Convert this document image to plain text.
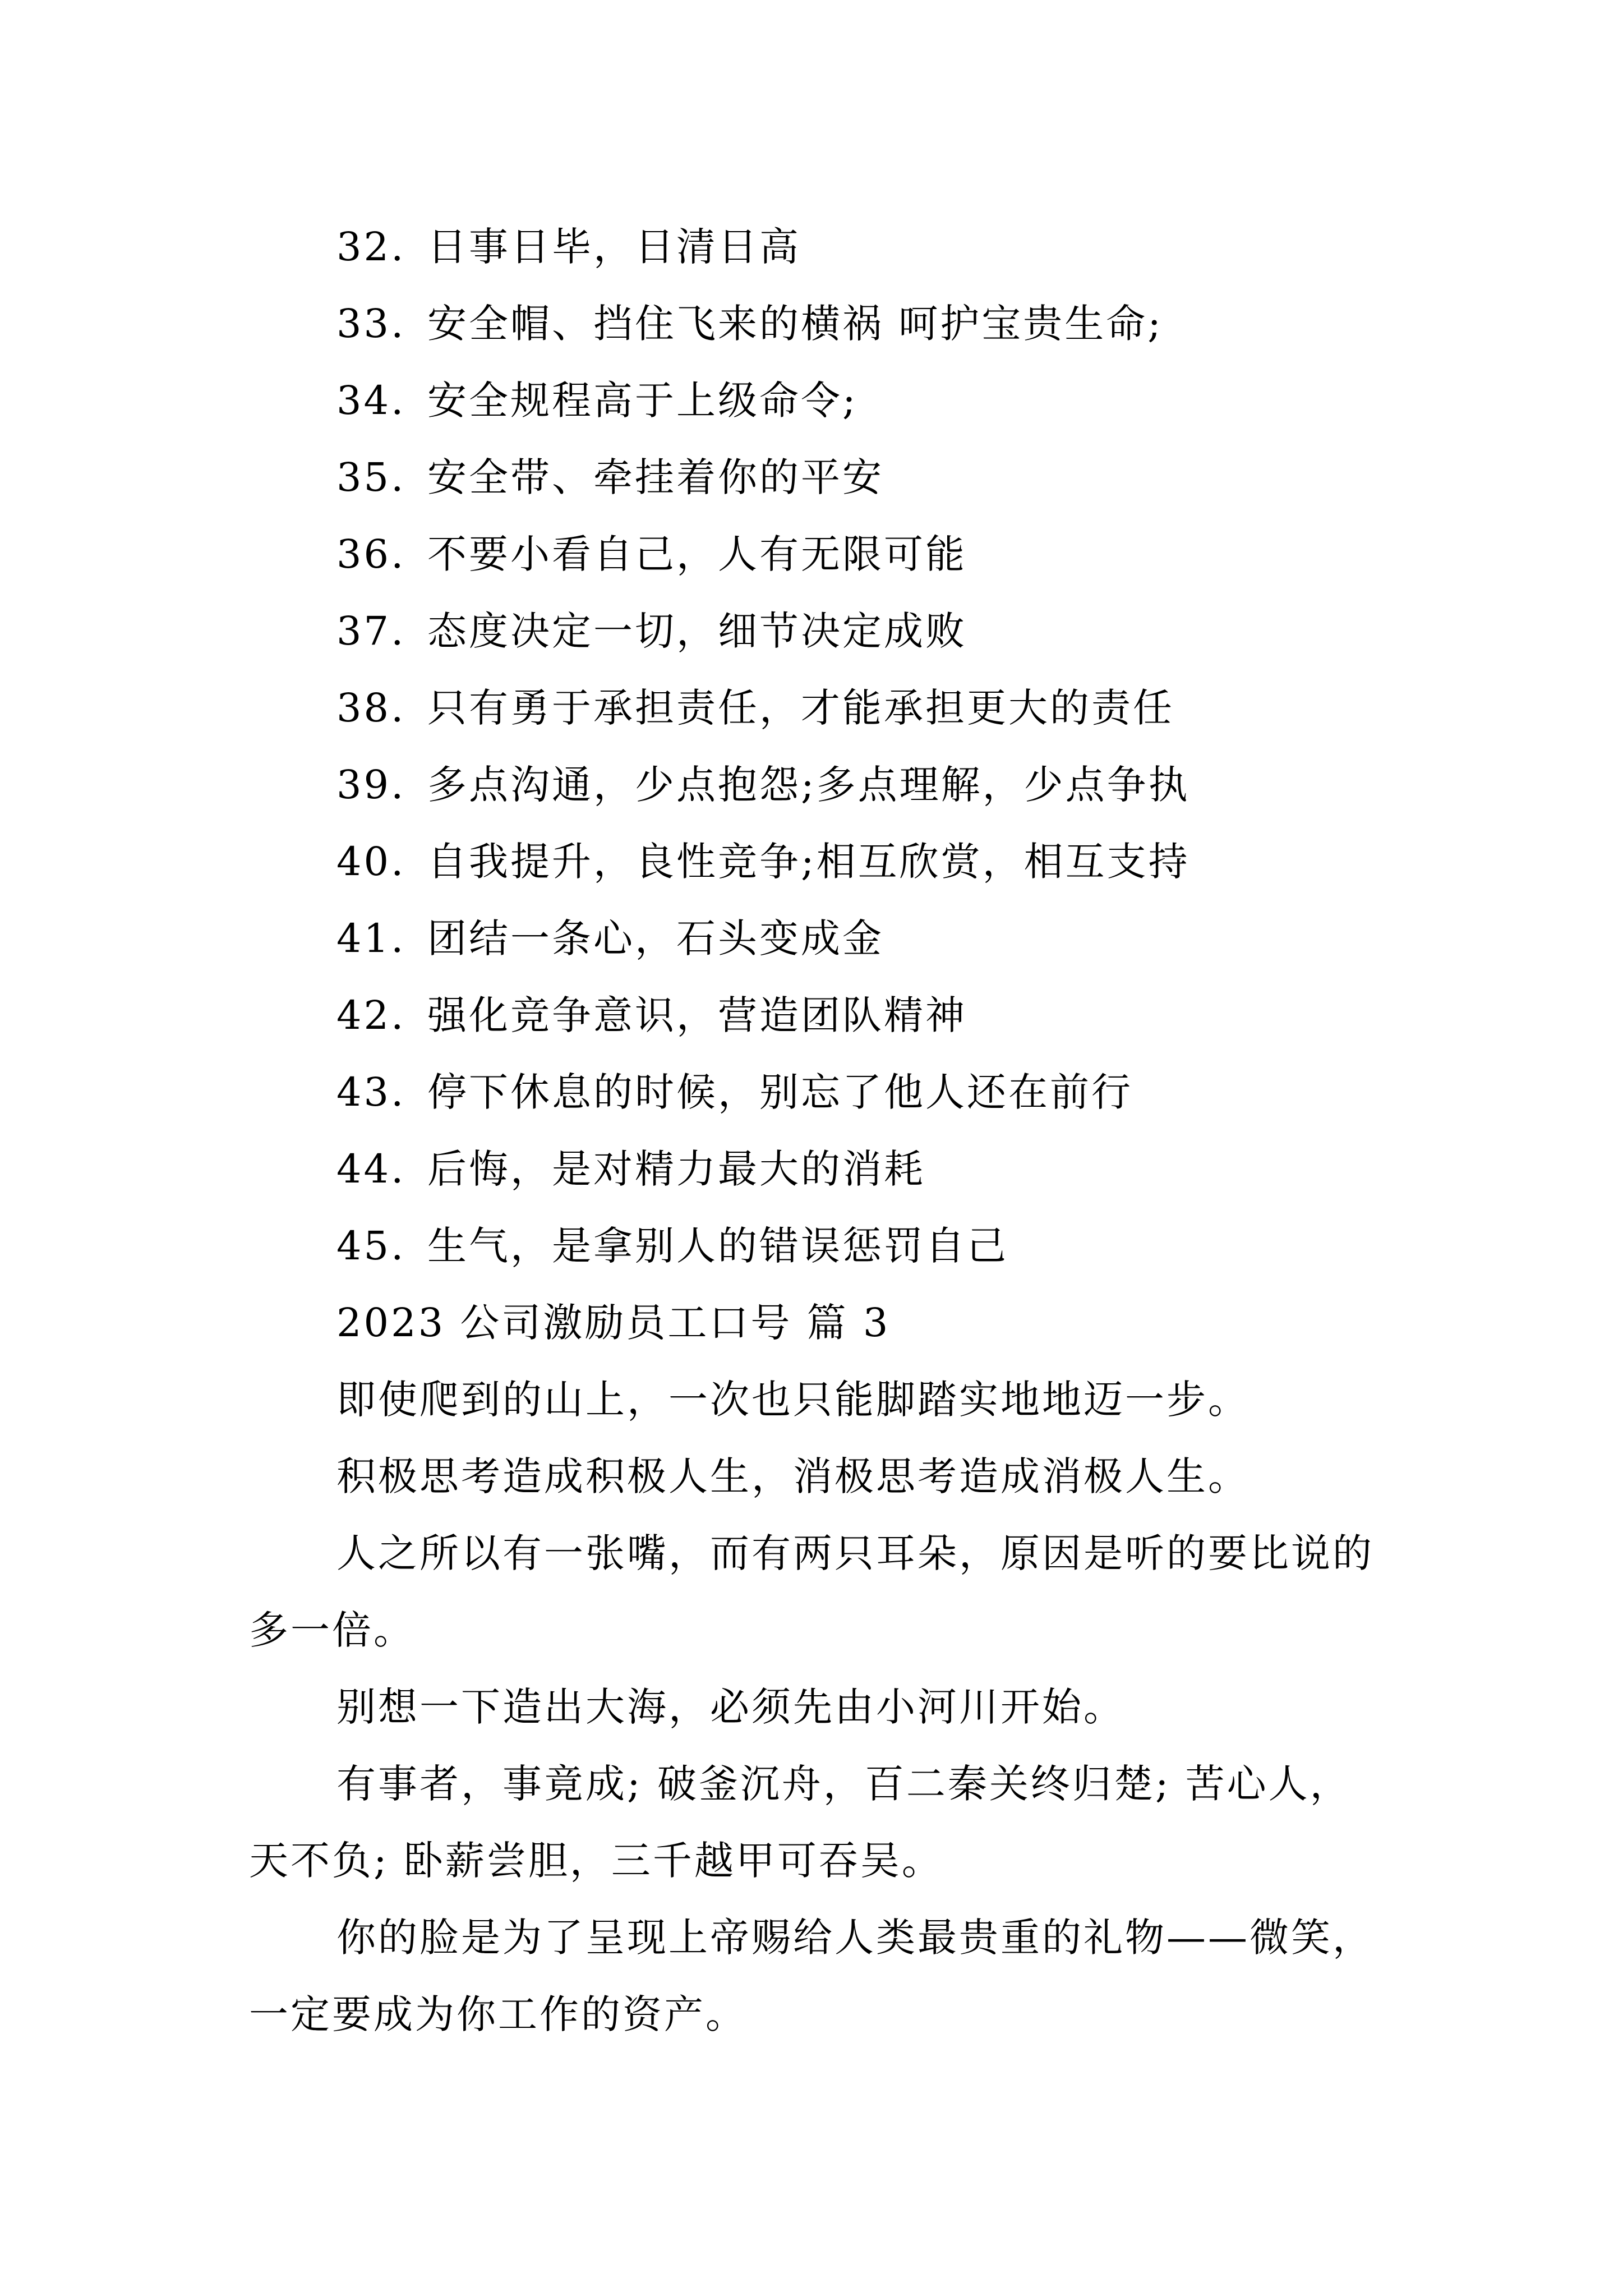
32. 日事日毕，日清日高
33. 安全帽、挡住飞来的横祸 呵护宝贵生命;
34. 安全规程高于上级命令;
35. 安全带、牵挂着你的平安
36. 不要小看自己，人有无限可能
37. 态度决定一切，细节决定成败
38. 只有勇于承担责任，才能承担更大的责任
39. 多点沟通，少点抱怨;多点理解，少点争执
40. 自我提升，良性竞争;相互欣赏，相互支持
41. 团结一条心，石头变成金
42. 强化竞争意识，营造团队精神
43. 停下休息的时候，别忘了他人还在前行
44. 后悔，是对精力最大的消耗
45. 生气，是拿别人的错误惩罚自己
2023 公司激励员工口号 篇 3

即使爬到的山上，一次也只能脚踏实地地迈一步。

积极思考造成积极人生，消极思考造成消极人生。

人之所以有一张嘴，而有两只耳朵，原因是听的要比说的多一倍。

别想一下造出大海，必须先由小河川开始。

有事者，事竟成; 破釜沉舟，百二秦关终归楚; 苦心人，天不负; 卧薪尝胆，三千越甲可吞吴。

你的脸是为了呈现上帝赐给人类最贵重的礼物——微笑，一定要成为你工作的资产。
